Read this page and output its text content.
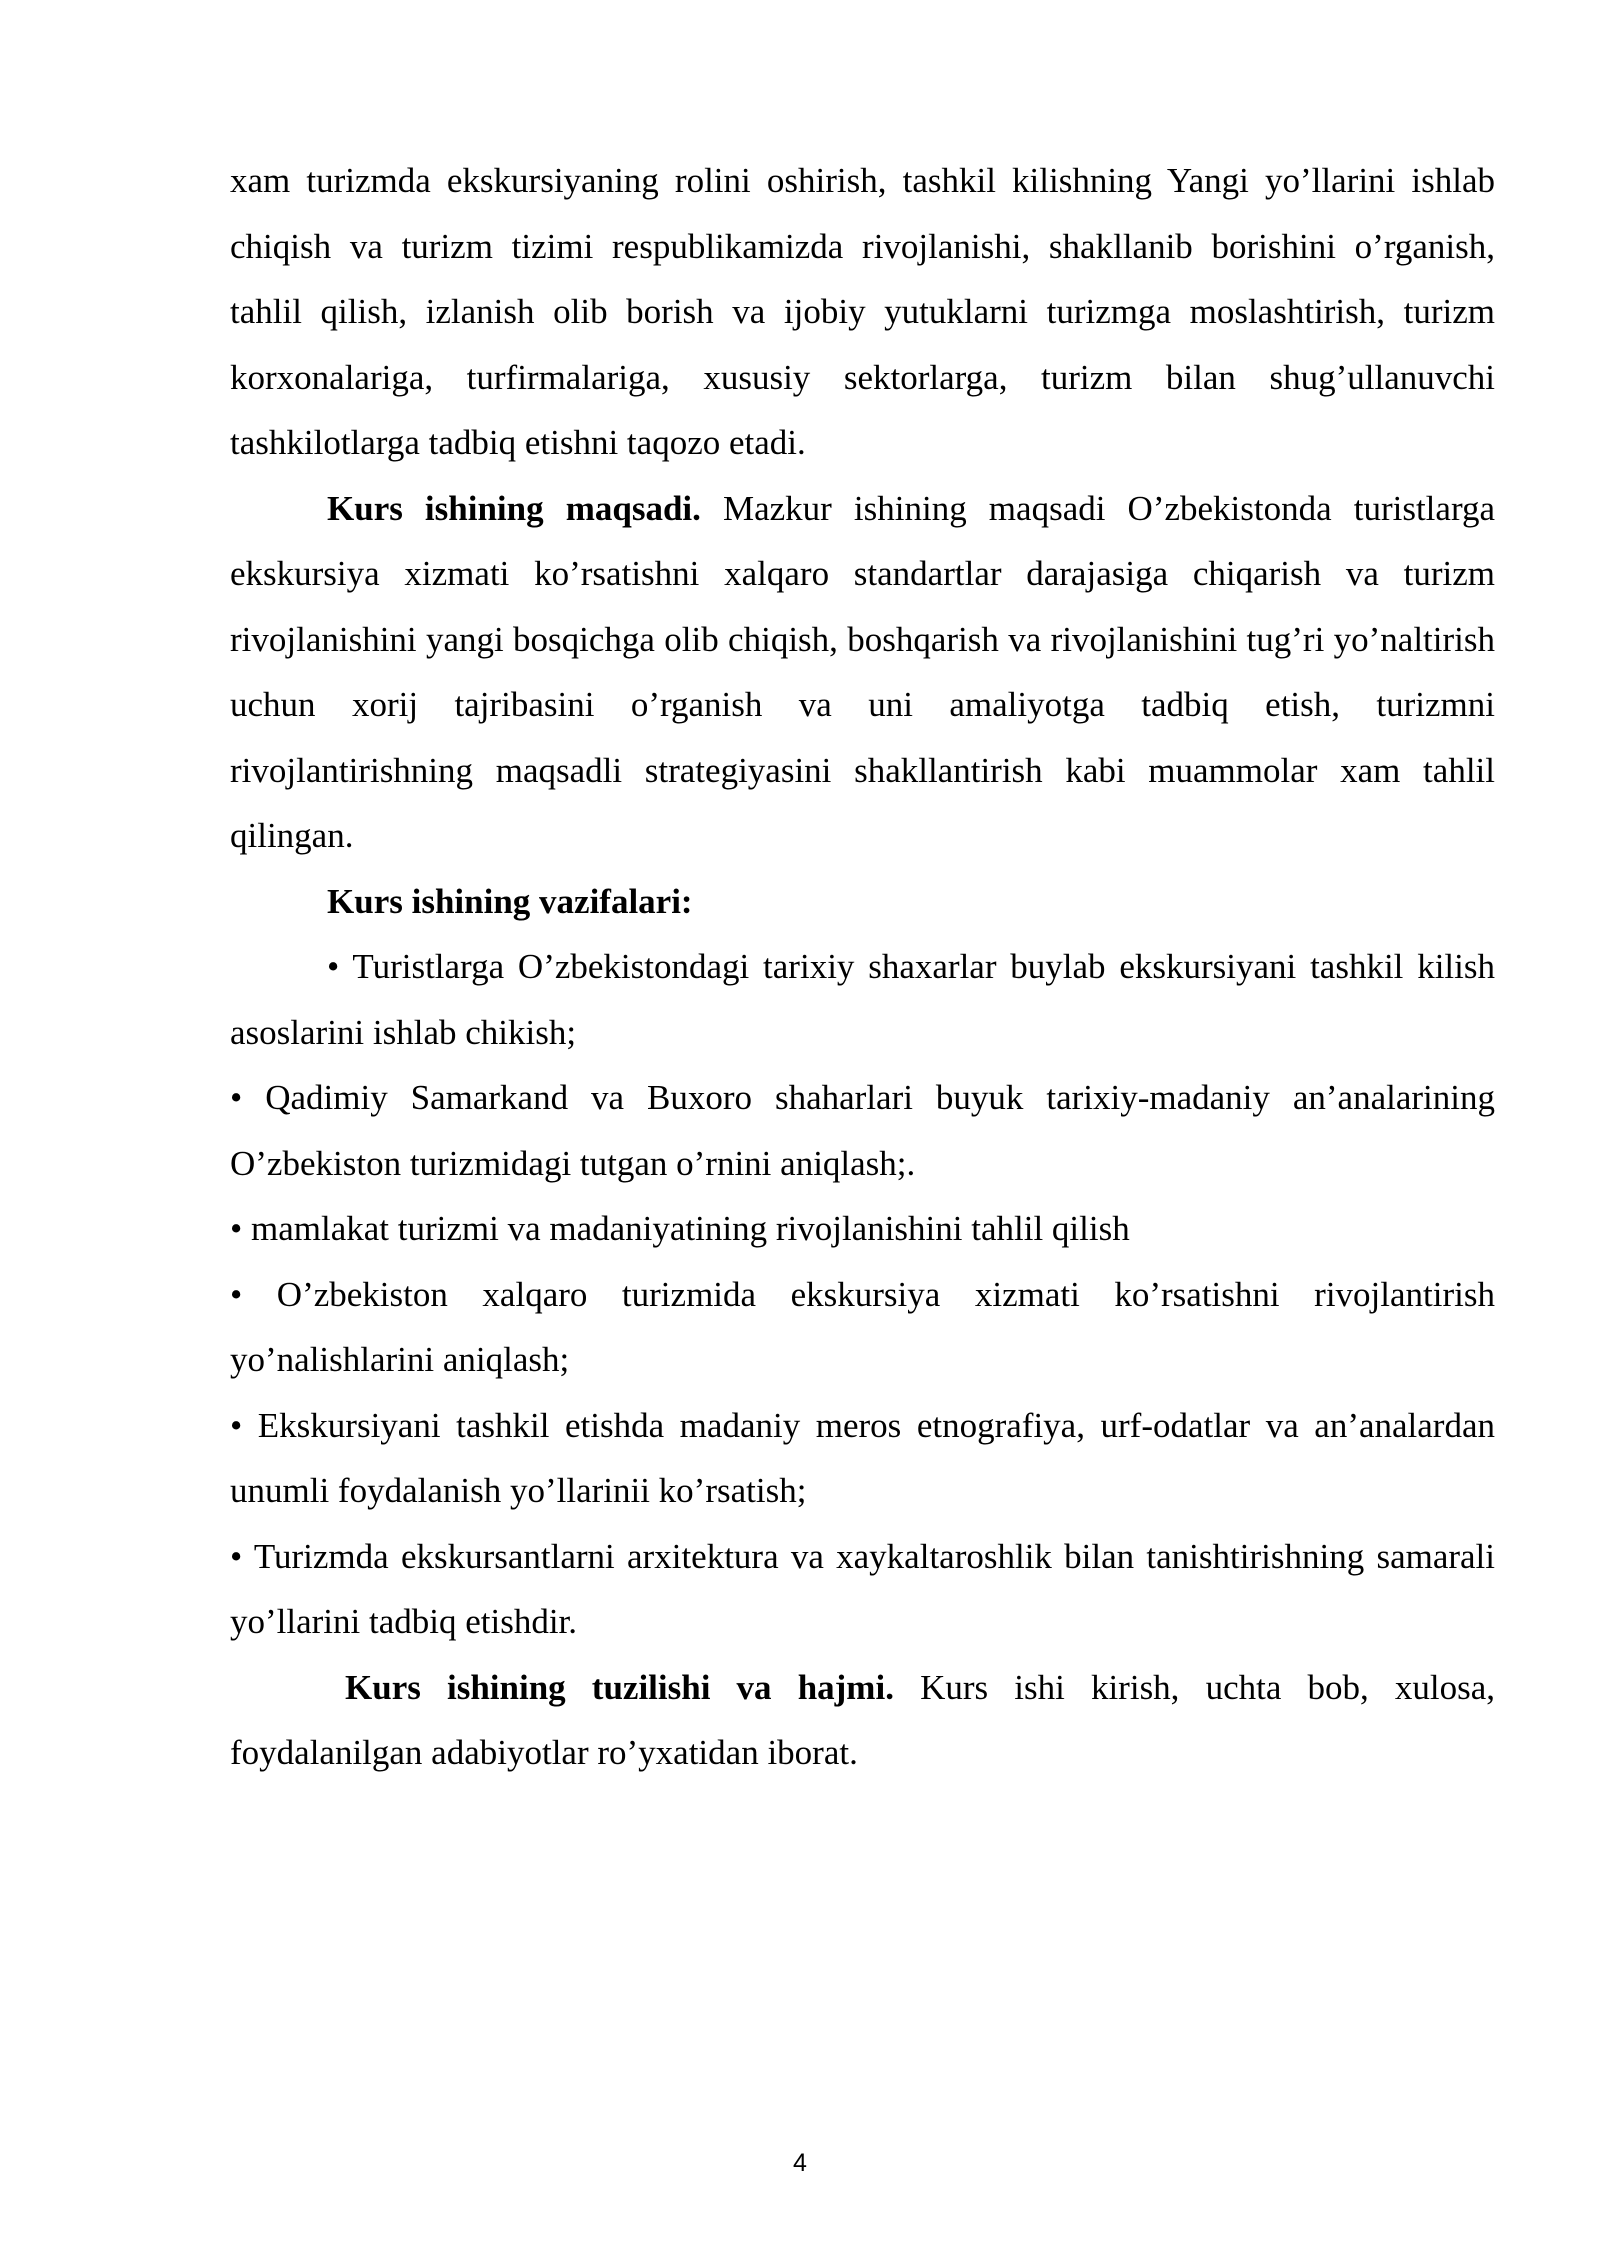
xam turizmda ekskursiyaning rolini oshirish, tashkil kilishning Yangi yo’llarini ishlab chiqish va turizm tizimi respublikamizda rivojlanishi, shakllanib borishini o’rganish, tahlil qilish, izlanish olib borish va ijobiy yutuklarni turizmga moslashtirish, turizm korxonalariga, turfirmalariga, xususiy sektorlarga, turizm bilan shug’ullanuvchi tashkilotlarga tadbiq etishni taqozo etadi.

Kurs ishining maqsadi. Mazkur ishining maqsadi O’zbekistonda turistlarga ekskursiya xizmati ko’rsatishni xalqaro standartlar darajasiga chiqarish va turizm rivojlanishini yangi bosqichga olib chiqish, boshqarish va rivojlanishini tug’ri yo’naltirish uchun xorij tajribasini o’rganish va uni amaliyotga tadbiq etish, turizmni rivojlantirishning maqsadli strategiyasini shakllantirish kabi muammolar xam tahlil qilingan.

Kurs ishining vazifalari:

• Turistlarga O’zbekistondagi tarixiy shaxarlar buylab ekskursiyani tashkil kilish asoslarini ishlab chikish;

• Qadimiy Samarkand va Buxoro shaharlari buyuk tarixiy-madaniy an’analarining O’zbekiston turizmidagi tutgan o’rnini aniqlash;.

• mamlakat turizmi va madaniyatining rivojlanishini tahlil qilish

• O’zbekiston xalqaro turizmida ekskursiya xizmati ko’rsatishni rivojlantirish yo’nalishlarini aniqlash;

• Ekskursiyani tashkil etishda madaniy meros etnografiya, urf-odatlar va an’analardan unumli foydalanish yo’llarinii ko’rsatish;

• Turizmda ekskursantlarni arxitektura va xaykaltaroshlik bilan tanishtirishning samarali yo’llarini tadbiq etishdir.

Kurs ishining tuzilishi va hajmi. Kurs ishi kirish, uchta bob, xulosa, foydalanilgan adabiyotlar ro’yxatidan iborat.

4
